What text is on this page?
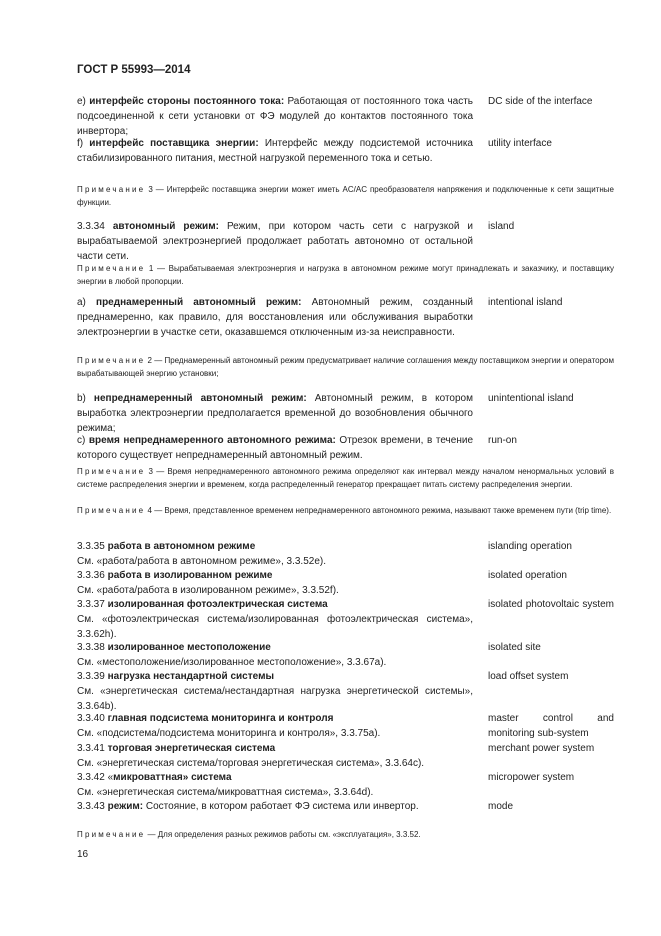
ГОСТ Р 55993—2014
e) интерфейс стороны постоянного тока: Работающая от постоянного тока часть подсоединенной к сети установки от ФЭ модулей до контактов постоянного тока инвертора;
DC side of the interface
f) интерфейс поставщика энергии: Интерфейс между подсистемой источника стабилизированного питания, местной нагрузкой переменного тока и сетью.
utility interface
Примечание 3 — Интерфейс поставщика энергии может иметь AC/AC преобразователя напряжения и подключенные к сети защитные функции.
3.3.34 автономный режим: Режим, при котором часть сети с нагрузкой и вырабатываемой электроэнергией продолжает работать автономно от остальной части сети.
island
Примечание 1 — Вырабатываемая электроэнергия и нагрузка в автономном режиме могут принадлежать и заказчику, и поставщику энергии в любой пропорции.
a) преднамеренный автономный режим: Автономный режим, созданный преднамеренно, как правило, для восстановления или обслуживания выработки электроэнергии в участке сети, оказавшемся отключенным из-за неисправности.
intentional island
Примечание 2 — Преднамеренный автономный режим предусматривает наличие соглашения между поставщиком энергии и оператором вырабатывающей энергию установки;
b) непреднамеренный автономный режим: Автономный режим, в котором выработка электроэнергии предполагается временной до возобновления обычного режима;
unintentional island
c) время непреднамеренного автономного режима: Отрезок времени, в течение которого существует непреднамеренный автономный режим.
run-on
Примечание 3 — Время непреднамеренного автономного режима определяют как интервал между началом ненормальных условий в системе распределения энергии и временем, когда распределенный генератор прекращает питать систему распределения энергии.
Примечание 4 — Время, представленное временем непреднамеренного автономного режима, называют также временем пути (trip time).
3.3.35 работа в автономном режиме
См. «работа/работа в автономном режиме», 3.3.52e).
islanding operation
3.3.36 работа в изолированном режиме
См. «работа/работа в изолированном режиме», 3.3.52f).
isolated operation
3.3.37 изолированная фотоэлектрическая система
См. «фотоэлектрическая система/изолированная фотоэлектрическая система», 3.3.62h).
isolated photovoltaic system
3.3.38 изолированное местоположение
См. «местоположение/изолированное местоположение», 3.3.67a).
isolated site
3.3.39 нагрузка нестандартной системы
См. «энергетическая система/нестандартная нагрузка энергетической системы», 3.3.64b).
load offset system
3.3.40 главная подсистема мониторинга и контроля
См. «подсистема/подсистема мониторинга и контроля», 3.3.75a).
master control and monitoring sub-system
3.3.41 торговая энергетическая система
См. «энергетическая система/торговая энергетическая система», 3.3.64c).
merchant power system
3.3.42 «микроваттная» система
См. «энергетическая система/микроваттная система», 3.3.64d).
micropower system
3.3.43 режим: Состояние, в котором работает ФЭ система или инвертор.	mode
Примечание — Для определения разных режимов работы см. «эксплуатация», 3.3.52.
16
